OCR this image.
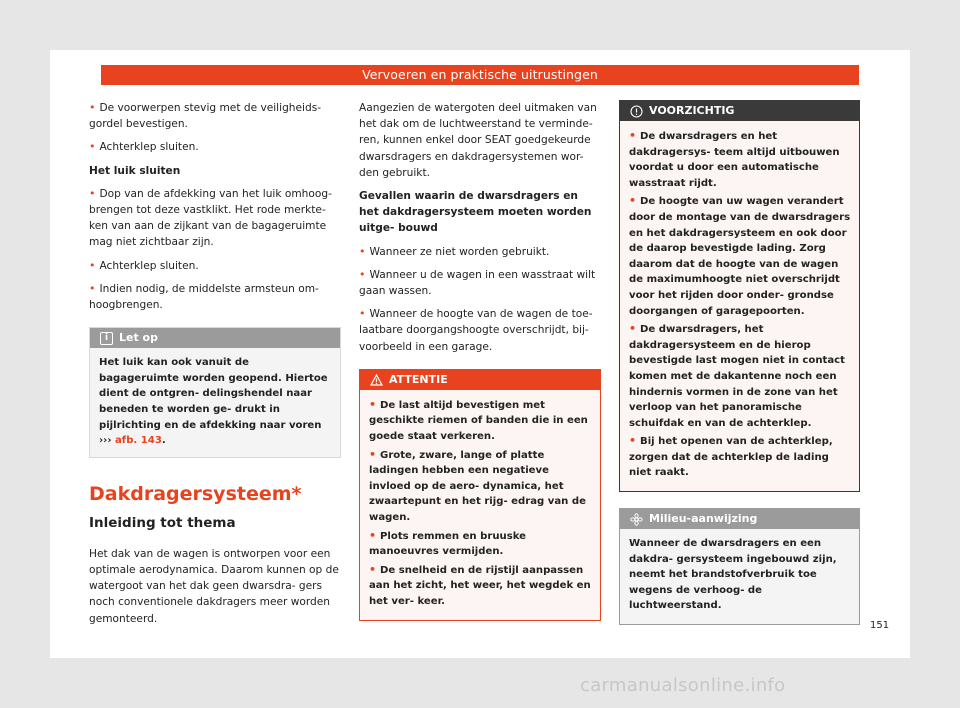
Vervoeren en praktische uitrustingen

• De voorwerpen stevig met de veiligheids- gordel bevestigen.

• Achterklep sluiten.

Het luik sluiten

• Dop van de afdekking van het luik omhoog- brengen tot deze vastklikt. Het rode merkte- ken van aan de zijkant van de bagageruimte mag niet zichtbaar zijn.

• Achterklep sluiten.

• Indien nodig, de middelste armsteun om- hoogbrengen.

i Let op
Het luik kan ook vanuit de bagageruimte worden geopend. Hiertoe dient de ontgren- delingshendel naar beneden te worden ge- drukt in pijlrichting en de afdekking naar voren ››› afb. 143.
Dakdragersysteem*
Inleiding tot thema

Het dak van de wagen is ontworpen voor een optimale aerodynamica. Daarom kunnen op de watergoot van het dak geen dwarsdra- gers noch conventionele dakdragers meer worden gemonteerd.

Aangezien de watergoten deel uitmaken van het dak om de luchtweerstand te verminde- ren, kunnen enkel door SEAT goedgekeurde dwarsdragers en dakdragersystemen wor- den gebruikt.

Gevallen waarin de dwarsdragers en het dakdragersysteem moeten worden uitge- bouwd

• Wanneer ze niet worden gebruikt.

• Wanneer u de wagen in een wasstraat wilt gaan wassen.

• Wanneer de hoogte van de wagen de toe- laatbare doorgangshoogte overschrijdt, bij- voorbeeld in een garage.

ATTENTIE

• De last altijd bevestigen met geschikte riemen of banden die in een goede staat verkeren.

• Grote, zware, lange of platte ladingen hebben een negatieve invloed op de aero- dynamica, het zwaartepunt en het rijg- edrag van de wagen.

• Plots remmen en bruuske manoeuvres vermijden.

• De snelheid en de rijstijl aanpassen aan het zicht, het weer, het wegdek en het ver- keer.

VOORZICHTIG

• De dwarsdragers en het dakdragersys- teem altijd uitbouwen voordat u door een automatische wasstraat rijdt.

• De hoogte van uw wagen verandert door de montage van de dwarsdragers en het dakdragersysteem en ook door de daarop bevestigde lading. Zorg daarom dat de hoogte van de wagen de maximumhoogte niet overschrijdt voor het rijden door onder- grondse doorgangen of garagepoorten.

• De dwarsdragers, het dakdragersysteem en de hierop bevestigde last mogen niet in contact komen met de dakantenne noch een hindernis vormen in de zone van het verloop van het panoramische schuifdak en van de achterklep.

• Bij het openen van de achterklep, zorgen dat de achterklep de lading niet raakt.

Milieu-aanwijzing

Wanneer de dwarsdragers en een dakdra- gersysteem ingebouwd zijn, neemt het brandstofverbruik toe wegens de verhoog- de luchtweerstand.

151
carmanualsonline.info
